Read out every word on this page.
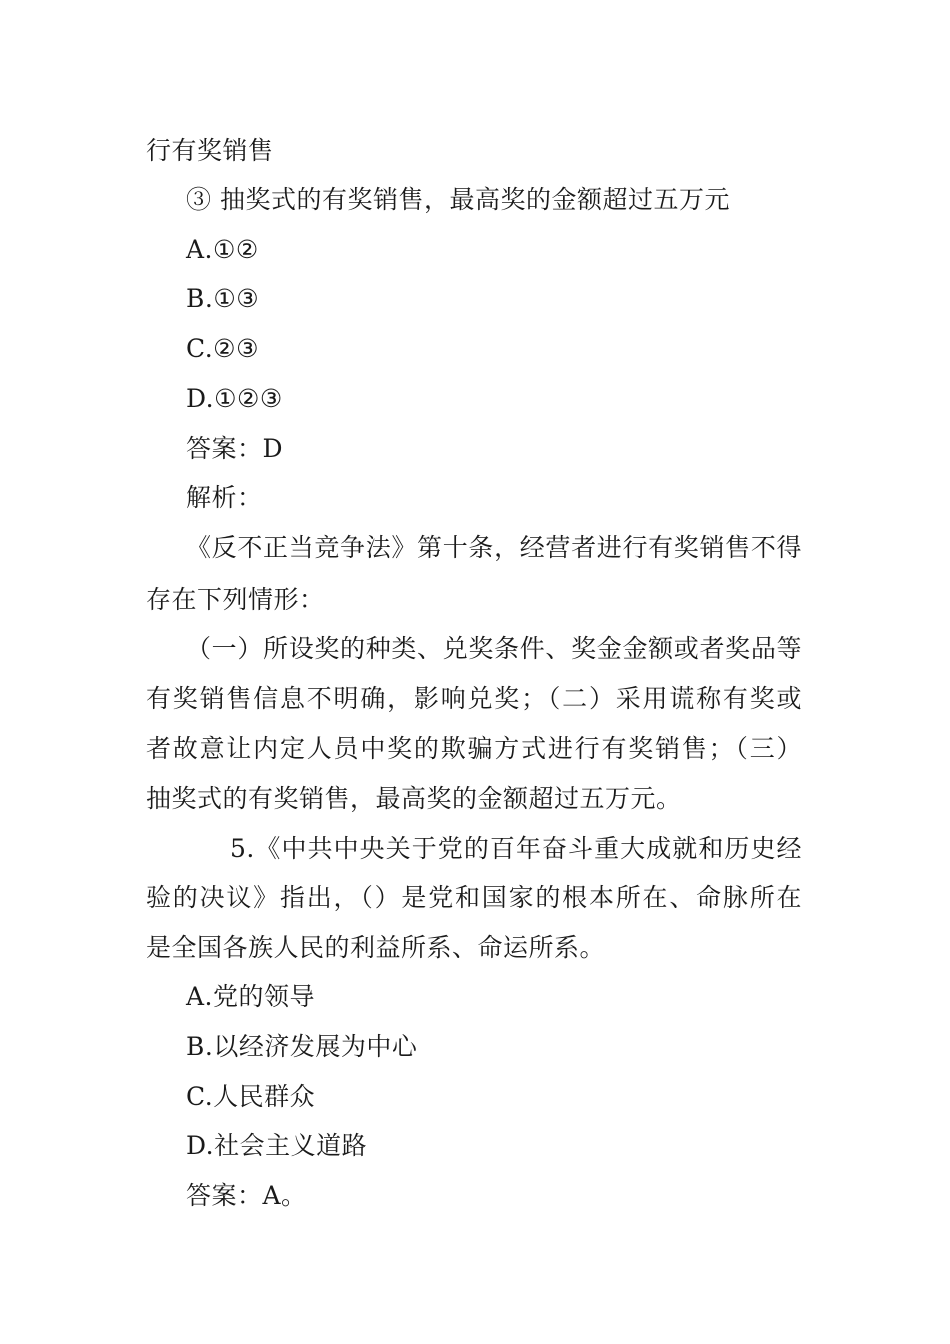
行有奖销售
③ 抽奖式的有奖销售，最高奖的金额超过五万元
A.①②
B.①③
C.②③
D.①②③
答案：D
解析：
《反不正当竞争法》第十条，经营者进行有奖销售不得
存在下列情形：
（一）所设奖的种类、兑奖条件、奖金金额或者奖品等
有奖销售信息不明确，影响兑奖；（二）采用谎称有奖或
者故意让内定人员中奖的欺骗方式进行有奖销售；（三）
抽奖式的有奖销售，最高奖的金额超过五万元。
5.《中共中央关于党的百年奋斗重大成就和历史经
验的决议》指出，（）是党和国家的根本所在、命脉所在
是全国各族人民的利益所系、命运所系。
A.党的领导
B.以经济发展为中心
C.人民群众
D.社会主义道路
答案：A。
